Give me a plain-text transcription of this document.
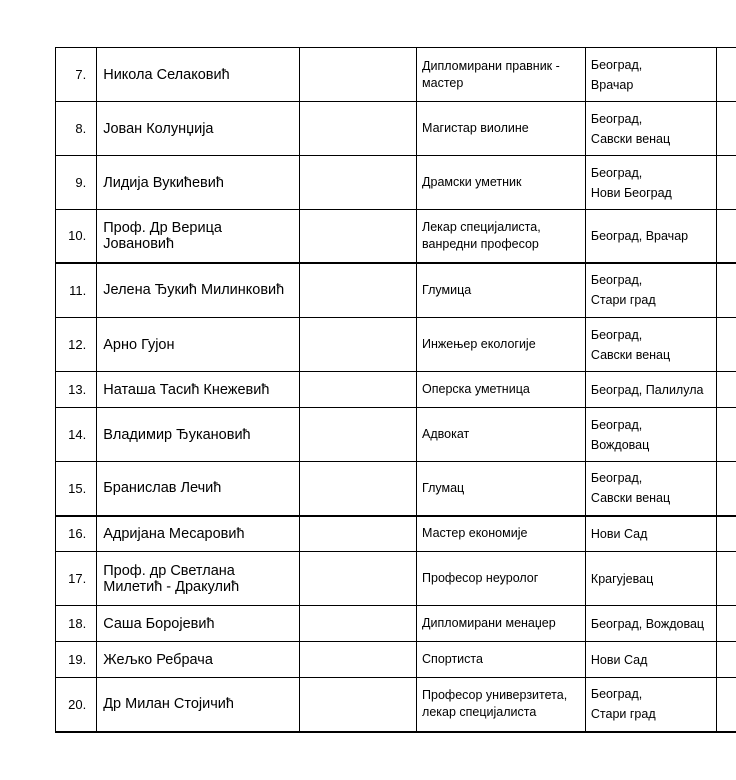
7.	Никола Селаковић		Дипломирани правник -
мастер	Београд,
Врачар	

8.	Јован Колунџија		Магистар виолине	Београд,
Савски венац	

9.	Лидија Вукићевић		Драмски уметник	Београд,
Нови Београд	

10.	Проф. Др Верица
Јовановић		Лекар специјалиста,
ванредни професор	Београд, Врачар	

11.	Јелена Ђукић Милинковић		Глумица	Београд,
Стари град	

12.	Арно Гујон		Инжењер екологије	Београд,
Савски венац	

13.	Наташа Тасић Кнежевић		Оперска уметница	Београд, Палилула	

14.	Владимир Ђукановић		Адвокат	Београд,
Вождовац	

15.	Бранислав Лечић		Глумац	Београд,
Савски венац	

16.	Адријана Месаровић		Мастер економије	Нови Сад	

17.	Проф. др Светлана
Милетић - Дракулић		Професор неуролог	Крагујевац	

18.	Саша Боројевић		Дипломирани менаџер	Београд, Вождовац	

19.	Жељко Ребрача		Спортиста	Нови Сад	

20.	Др Милан Стојичић		Професор универзитета,
лекар специјалиста	Београд,
Стари град	
